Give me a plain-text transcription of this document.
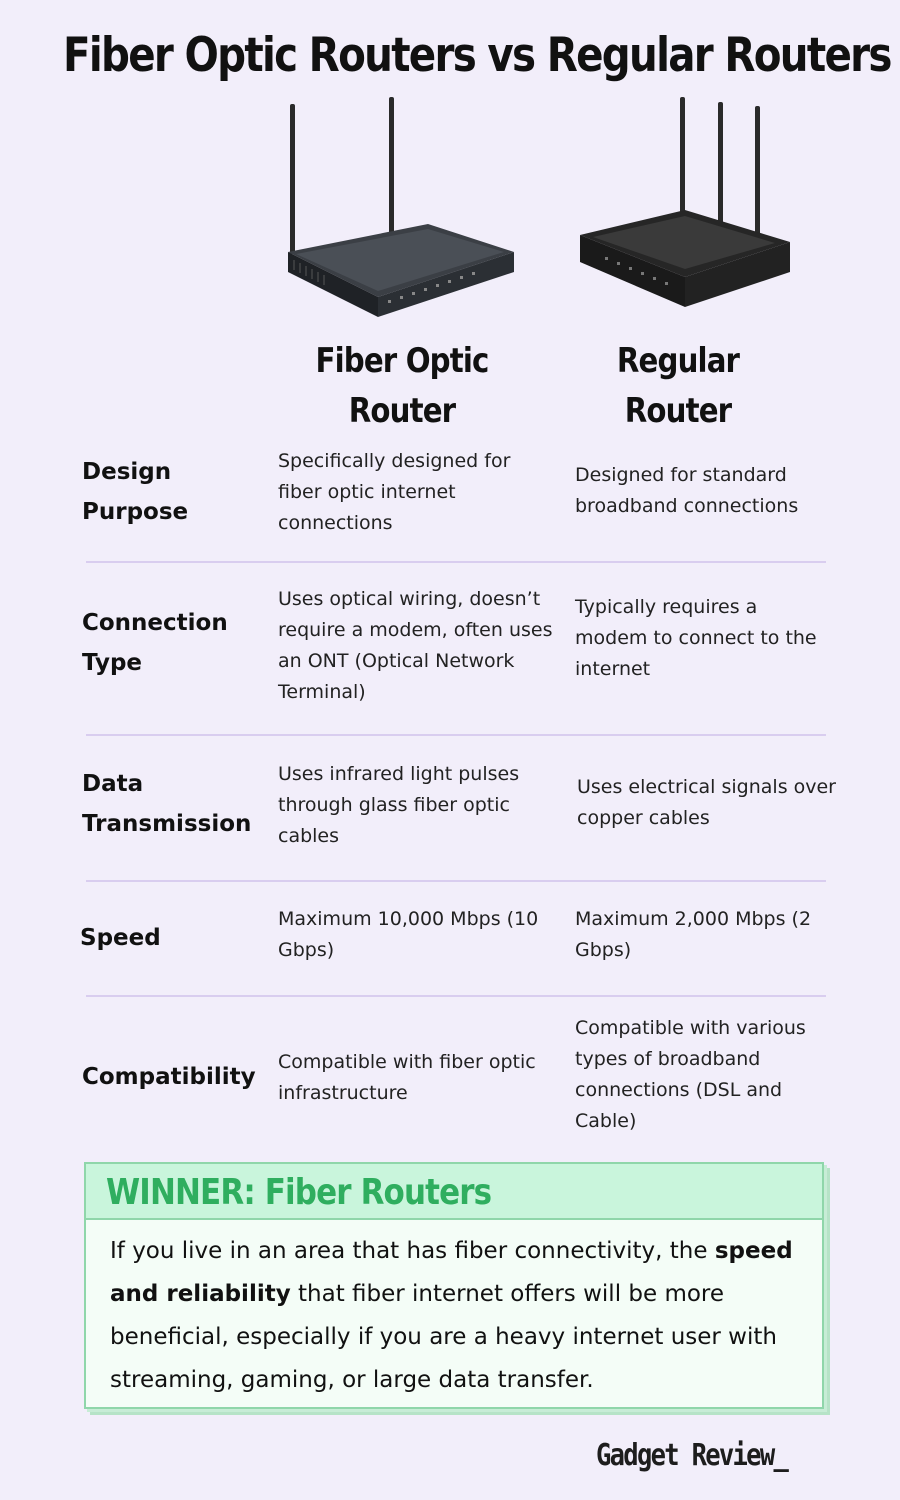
Fiber Optic Routers vs Regular Routers
Fiber Optic
Router
Regular
Router
Design
Purpose
Specifically designed for fiber optic internet connections
Designed for standard broadband connections
Connection
Type
Uses optical wiring, doesn’t require a modem, often uses an ONT (Optical Network Terminal)
Typically requires a modem to connect to the internet
Data
Transmission
Uses infrared light pulses through glass fiber optic cables
Uses electrical signals over copper cables
Speed
Maximum 10,000 Mbps (10 Gbps)
Maximum 2,000 Mbps (2 Gbps)
Compatibility
Compatible with fiber optic infrastructure
Compatible with various types of broadband connections (DSL and Cable)
WINNER: Fiber Routers
If you live in an area that has fiber connectivity, the speed and reliability that fiber internet offers will be more beneficial, especially if you are a heavy internet user with streaming, gaming, or large data transfer.
Gadget Review_
